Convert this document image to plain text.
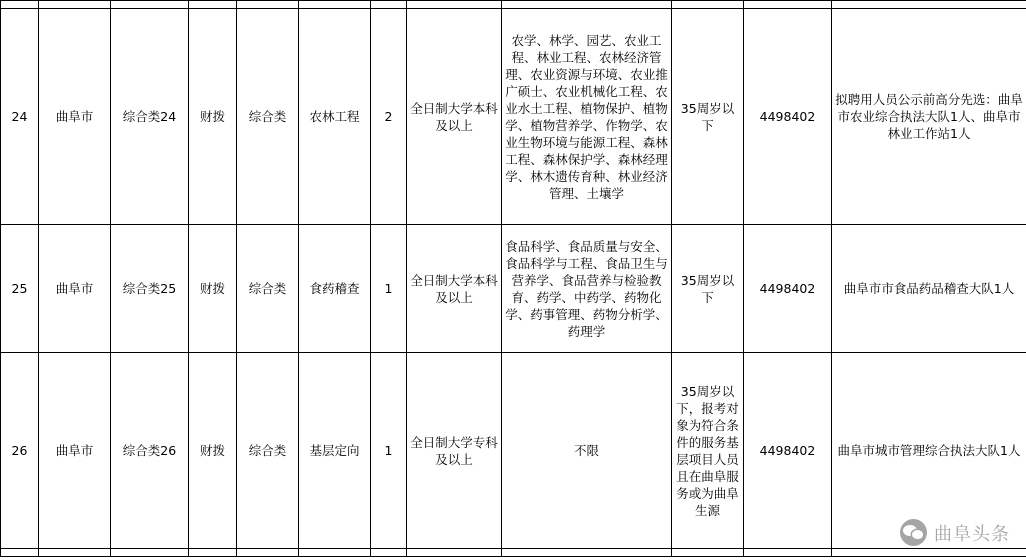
24	曲阜市	综合类24	财拨	综合类	农林工程	2	全日制大学本科及以上	农学、林学、园艺、农业工程、林业工程、农林经济管理、农业资源与环境、农业推广硕士、农业机械化工程、农业水土工程、植物保护、植物学、植物营养学、作物学、农业生物环境与能源工程、森林工程、森林保护学、森林经理学、林木遗传育种、林业经济管理、土壤学	35周岁以下	4498402	拟聘用人员公示前高分先选：曲阜市农业综合执法大队1人、曲阜市林业工作站1人
25	曲阜市	综合类25	财拨	综合类	食药稽查	1	全日制大学本科及以上	食品科学、食品质量与安全、食品科学与工程、食品卫生与营养学、食品营养与检验教育、药学、中药学、药物化学、药事管理、药物分析学、药理学	35周岁以下	4498402	曲阜市市食品药品稽查大队1人
26	曲阜市	综合类26	财拨	综合类	基层定向	1	全日制大学专科及以上	不限	35周岁以下，报考对象为符合条件的服务基层项目人员且在曲阜服务或为曲阜生源	4498402	曲阜市城市管理综合执法大队1人

曲阜头条
